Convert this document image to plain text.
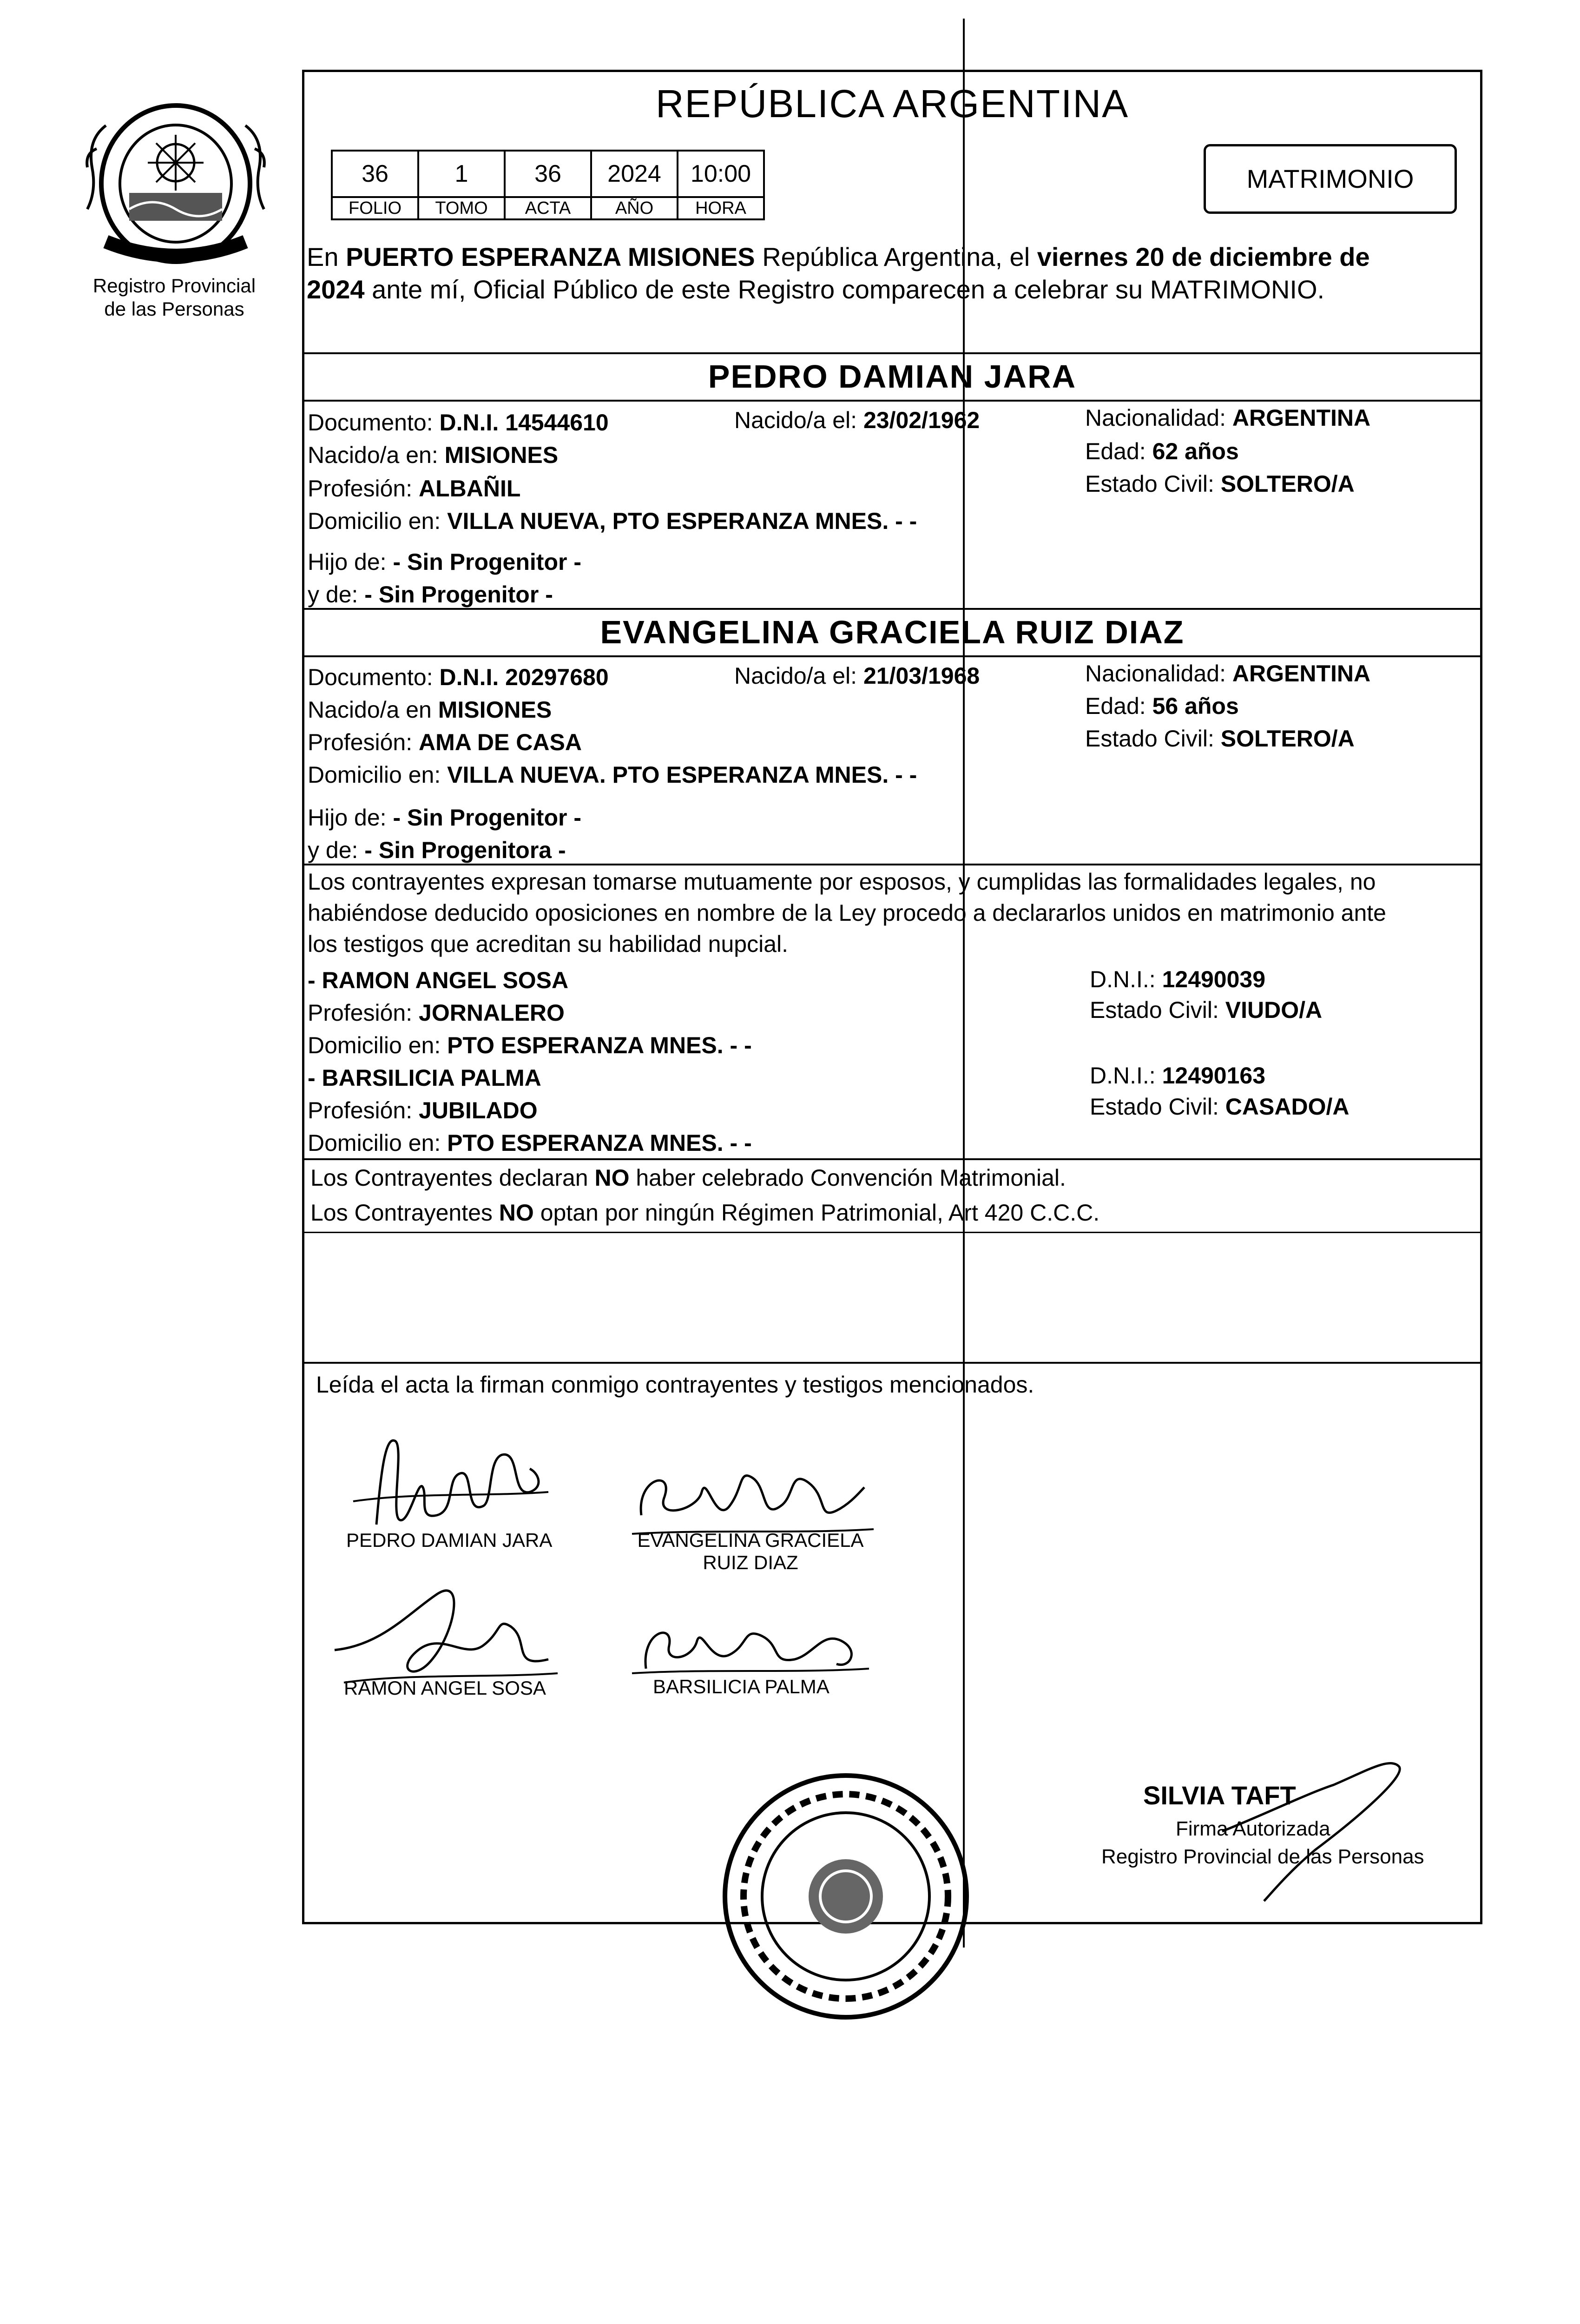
Registro Provincial
de las Personas
REPÚBLICA ARGENTINA
36	1	36	2024	10:00
FOLIO	TOMO	ACTA	AÑO	HORA
MATRIMONIO
En PUERTO ESPERANZA MISIONES República Argentina, el viernes 20 de diciembre de
2024 ante mí, Oficial Público de este Registro comparecen a celebrar su MATRIMONIO.
PEDRO DAMIAN JARA
Documento: D.N.I. 14544610	Nacido/a el: 23/02/1962	Nacionalidad: ARGENTINA
Nacido/a en: MISIONES	Edad: 62 años
Profesión: ALBAÑIL	Estado Civil: SOLTERO/A
Domicilio en: VILLA NUEVA, PTO ESPERANZA MNES. - -
Hijo de: - Sin Progenitor -
y de: - Sin Progenitor -
EVANGELINA GRACIELA RUIZ DIAZ
Documento: D.N.I. 20297680	Nacido/a el: 21/03/1968	Nacionalidad: ARGENTINA
Nacido/a en MISIONES	Edad: 56 años
Profesión: AMA DE CASA	Estado Civil: SOLTERO/A
Domicilio en: VILLA NUEVA. PTO ESPERANZA MNES. - -
Hijo de: - Sin Progenitor -
y de: - Sin Progenitora -
Los contrayentes expresan tomarse mutuamente por esposos, y cumplidas las formalidades legales, no
habiéndose deducido oposiciones en nombre de la Ley procedo a declararlos unidos en matrimonio ante
los testigos que acreditan su habilidad nupcial.
- RAMON ANGEL SOSA	D.N.I.: 12490039
Profesión: JORNALERO	Estado Civil: VIUDO/A
Domicilio en: PTO ESPERANZA MNES. - -
- BARSILICIA PALMA	D.N.I.: 12490163
Profesión: JUBILADO	Estado Civil: CASADO/A
Domicilio en: PTO ESPERANZA MNES. - -
Los Contrayentes declaran NO haber celebrado Convención Matrimonial.
Los Contrayentes NO optan por ningún Régimen Patrimonial, Art 420 C.C.C.
Leída el acta la firman conmigo contrayentes y testigos mencionados.
PEDRO DAMIAN JARA	EVANGELINA GRACIELA
RUIZ DIAZ
RAMON ANGEL SOSA	BARSILICIA PALMA
SILVIA TAFT
Firma Autorizada
Registro Provincial de las Personas
